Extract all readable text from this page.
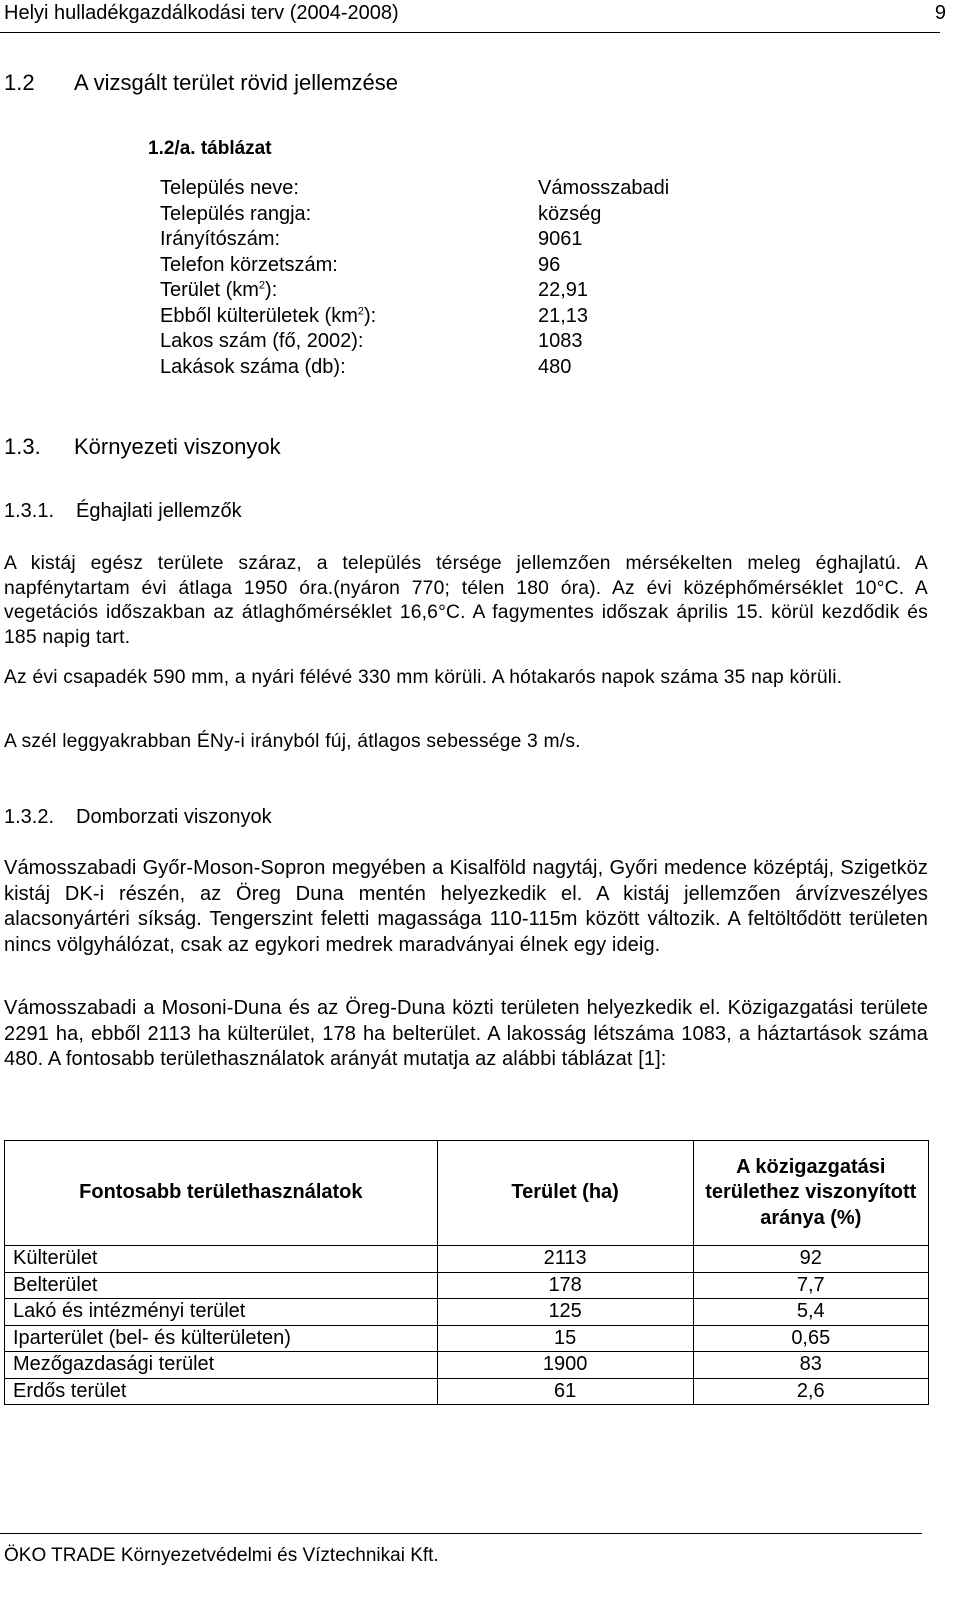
Helyi hulladékgazdálkodási terv (2004-2008)	9
1.2 A vizsgált terület rövid jellemzése
1.2/a. táblázat
Település neve:	Vámosszabadi
Település rangja:	község
Irányítószám:	9061
Telefon körzetszám:	96
Terület $(km^2)$:	22,91
Ebből külterületek $(km^2)$:	21,13
Lakos szám (fő, 2002):	1083
Lakások száma (db):	480
1.3. Környezeti viszonyok
1.3.1. Éghajlati jellemzők
A kistáj egész területe száraz, a település térsége jellemzően mérsékelten meleg éghajlatú. A napfénytartam évi átlaga 1950 óra.(nyáron 770; télen 180 óra). Az évi középhőmérséklet 10°C. A vegetációs időszakban az átlaghőmérséklet 16,6°C. A fagymentes időszak április 15. körül kezdődik és 185 napig tart.
Az évi csapadék 590 mm, a nyári félévé 330 mm körüli. A hótakarós napok száma 35 nap körüli.
A szél leggyakrabban ÉNy-i irányból fúj, átlagos sebessége 3 m/s.
1.3.2. Domborzati viszonyok
Vámosszabadi Győr-Moson-Sopron megyében a Kisalföld nagytáj, Győri medence középtáj, Szigetköz kistáj DK-i részén, az Öreg Duna mentén helyezkedik el. A kistáj jellemzően árvízveszélyes alacsonyártéri síkság. Tengerszint feletti magassága 110-115m között változik. A feltöltődött területen nincs völgyhálózat, csak az egykori medrek maradványai élnek egy ideig.
Vámosszabadi a Mosoni-Duna és az Öreg-Duna közti területen helyezkedik el. Közigazgatási területe 2291 ha, ebből 2113 ha külterület, 178 ha belterület. A lakosság létszáma 1083, a háztartások száma 480. A fontosabb területhasználatok arányát mutatja az alábbi táblázat [1]:
Fontosabb területhasználatok	Terület (ha)	A közigazgatási területhez viszonyított aránya (%)
Külterület	2113	92
Belterület	178	7,7
Lakó és intézményi terület	125	5,4
Iparterület (bel- és külterületen)	15	0,65
Mezőgazdasági terület	1900	83
Erdős terület	61	2,6
ÖKO TRADE Környezetvédelmi és Víztechnikai Kft.
